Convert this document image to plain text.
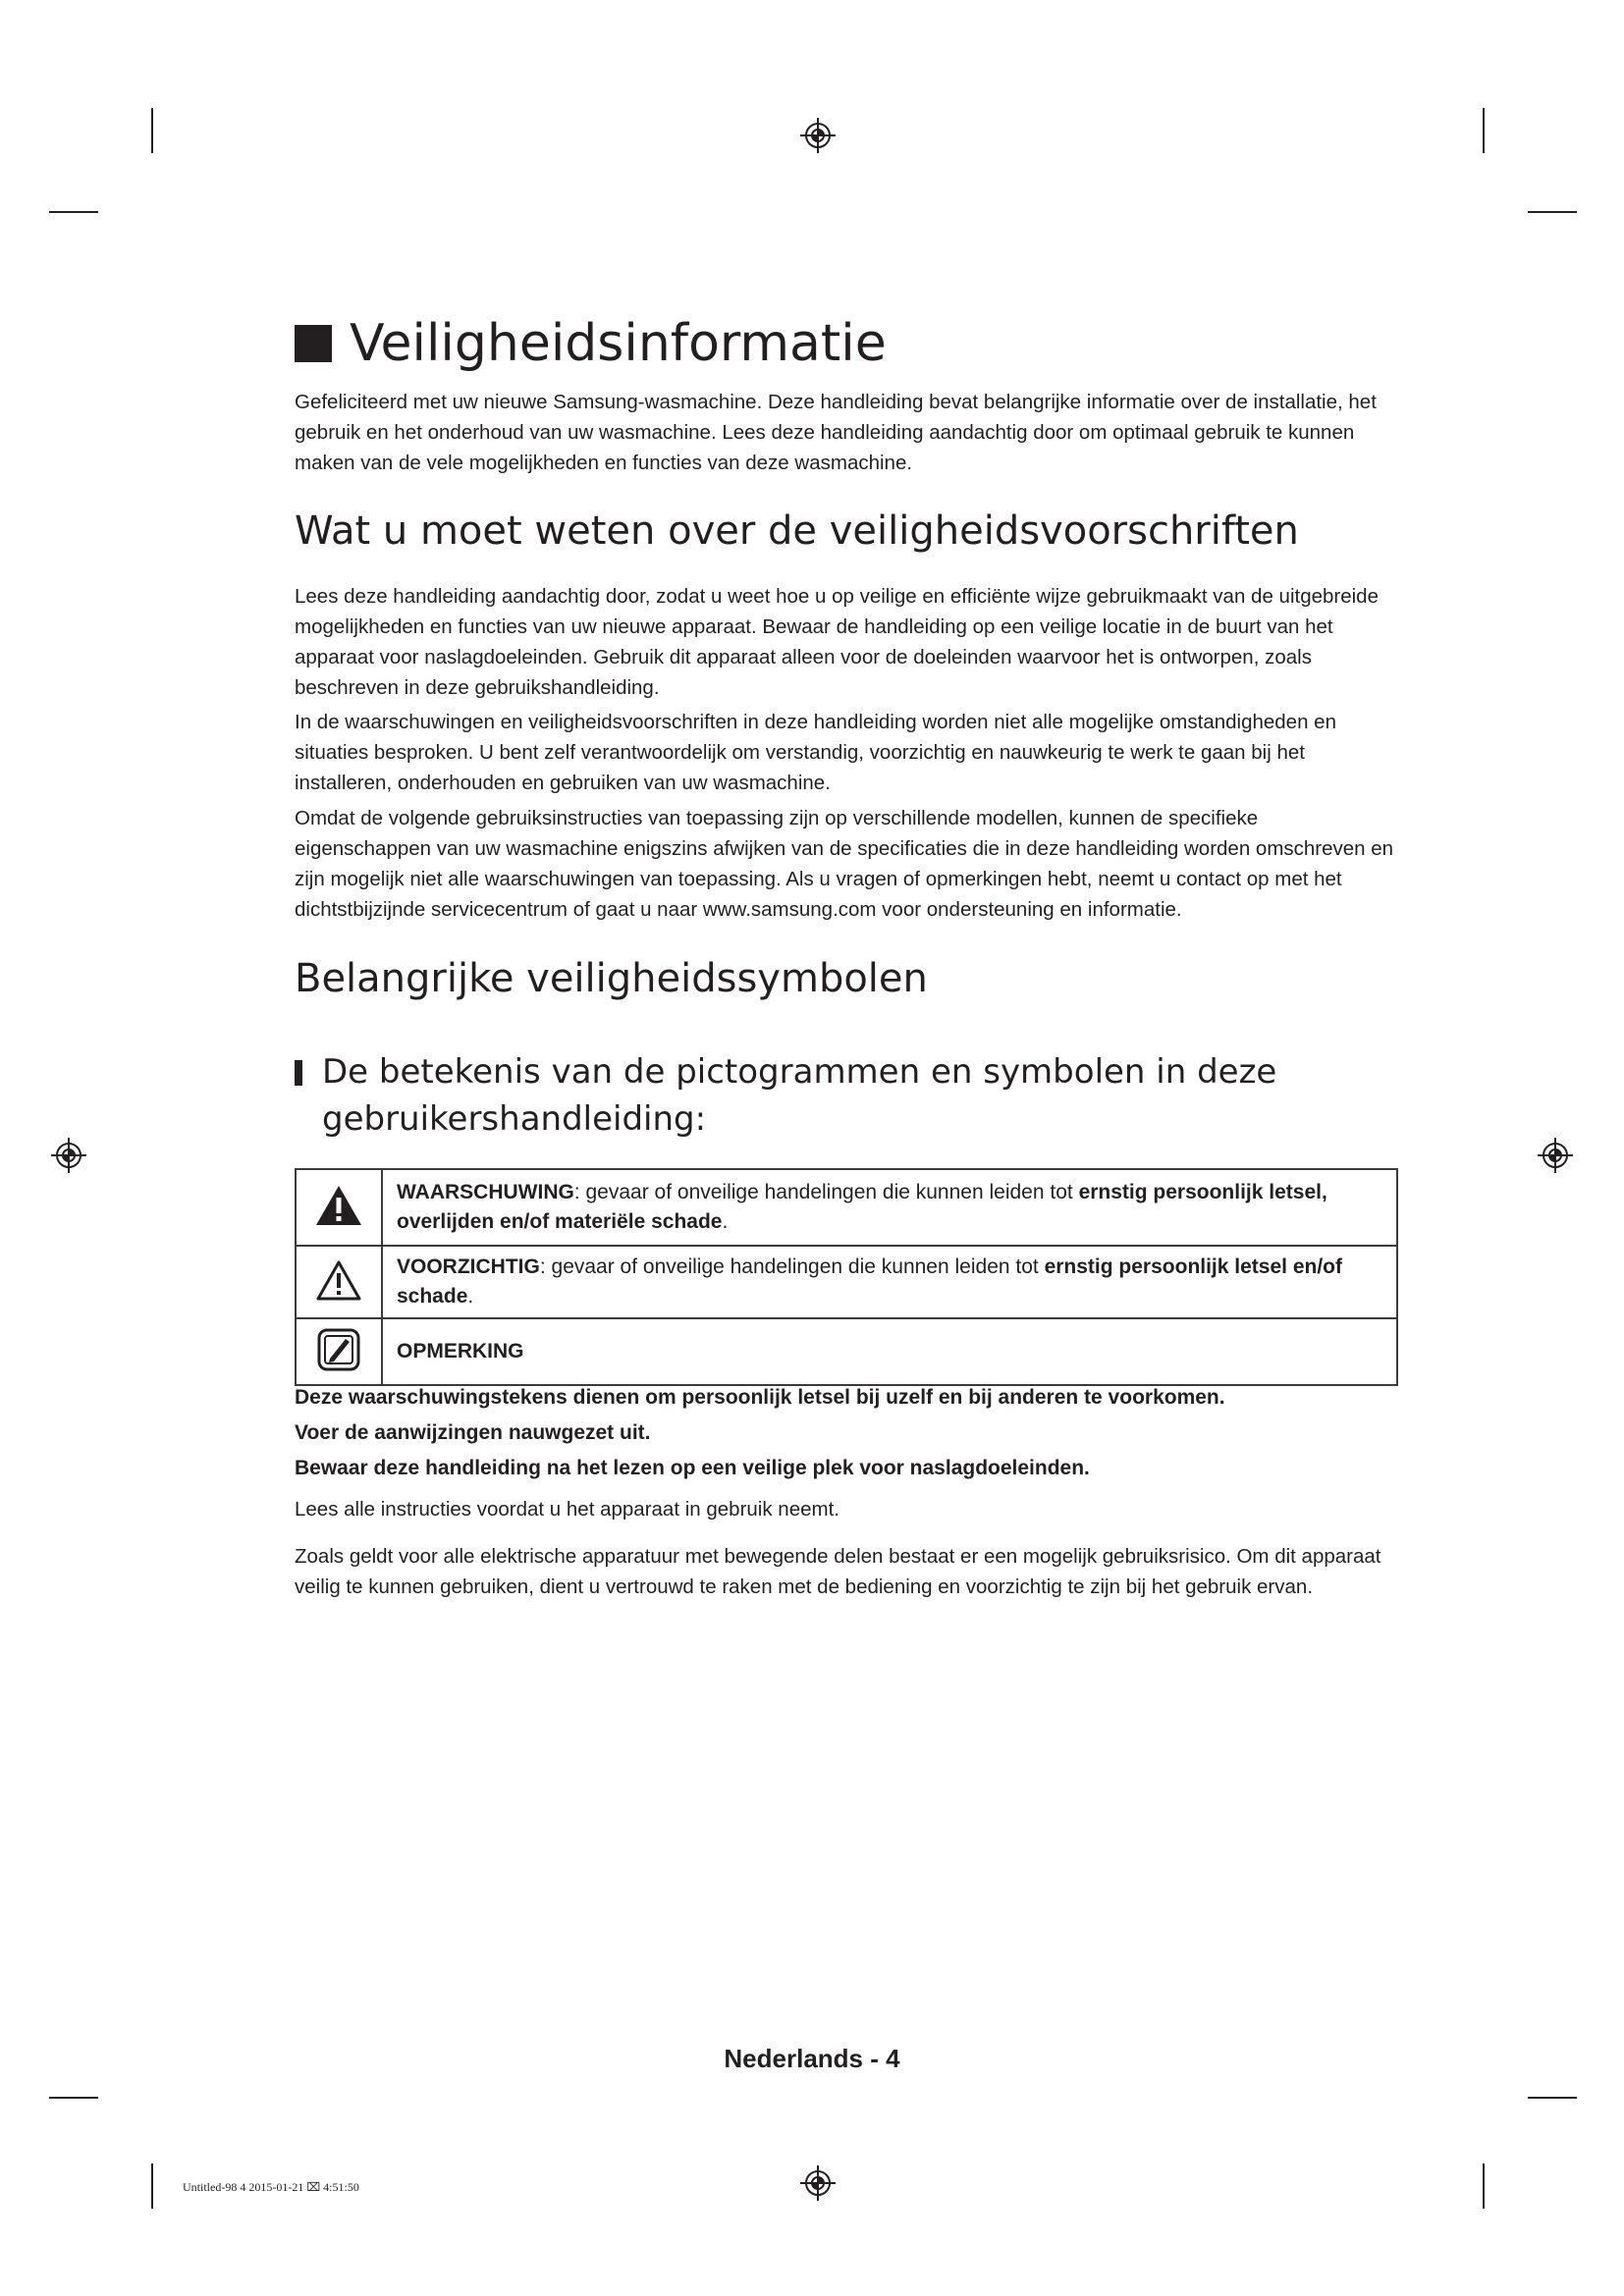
Veiligheidsinformatie

Gefeliciteerd met uw nieuwe Samsung-wasmachine. Deze handleiding bevat belangrijke informatie over de installatie, het gebruik en het onderhoud van uw wasmachine. Lees deze handleiding aandachtig door om optimaal gebruik te kunnen maken van de vele mogelijkheden en functies van deze wasmachine.

Wat u moet weten over de veiligheidsvoorschriften

Lees deze handleiding aandachtig door, zodat u weet hoe u op veilige en efficiënte wijze gebruikmaakt van de uitgebreide mogelijkheden en functies van uw nieuwe apparaat. Bewaar de handleiding op een veilige locatie in de buurt van het apparaat voor naslagdoeleinden. Gebruik dit apparaat alleen voor de doeleinden waarvoor het is ontworpen, zoals beschreven in deze gebruikshandleiding.

In de waarschuwingen en veiligheidsvoorschriften in deze handleiding worden niet alle mogelijke omstandigheden en situaties besproken. U bent zelf verantwoordelijk om verstandig, voorzichtig en nauwkeurig te werk te gaan bij het installeren, onderhouden en gebruiken van uw wasmachine.

Omdat de volgende gebruiksinstructies van toepassing zijn op verschillende modellen, kunnen de specifieke eigenschappen van uw wasmachine enigszins afwijken van de specificaties die in deze handleiding worden omschreven en zijn mogelijk niet alle waarschuwingen van toepassing. Als u vragen of opmerkingen hebt, neemt u contact op met het dichtstbijzijnde servicecentrum of gaat u naar www.samsung.com voor ondersteuning en informatie.

Belangrijke veiligheidssymbolen
De betekenis van de pictogrammen en symbolen in deze
gebruikershandleiding:
	WAARSCHUWING: gevaar of onveilige handelingen die kunnen leiden tot ernstig persoonlijk letsel, overlijden en/of materiële schade.
	VOORZICHTIG: gevaar of onveilige handelingen die kunnen leiden tot ernstig persoonlijk letsel en/of schade.
	OPMERKING

Deze waarschuwingstekens dienen om persoonlijk letsel bij uzelf en bij anderen te voorkomen.

Voer de aanwijzingen nauwgezet uit.

Bewaar deze handleiding na het lezen op een veilige plek voor naslagdoeleinden.

Lees alle instructies voordat u het apparaat in gebruik neemt.

Zoals geldt voor alle elektrische apparatuur met bewegende delen bestaat er een mogelijk gebruiksrisico. Om dit apparaat veilig te kunnen gebruiken, dient u vertrouwd te raken met de bediening en voorzichtig te zijn bij het gebruik ervan.

Nederlands - 4
Untitled-98 4 2015-01-21 ⌧ 4:51:50
